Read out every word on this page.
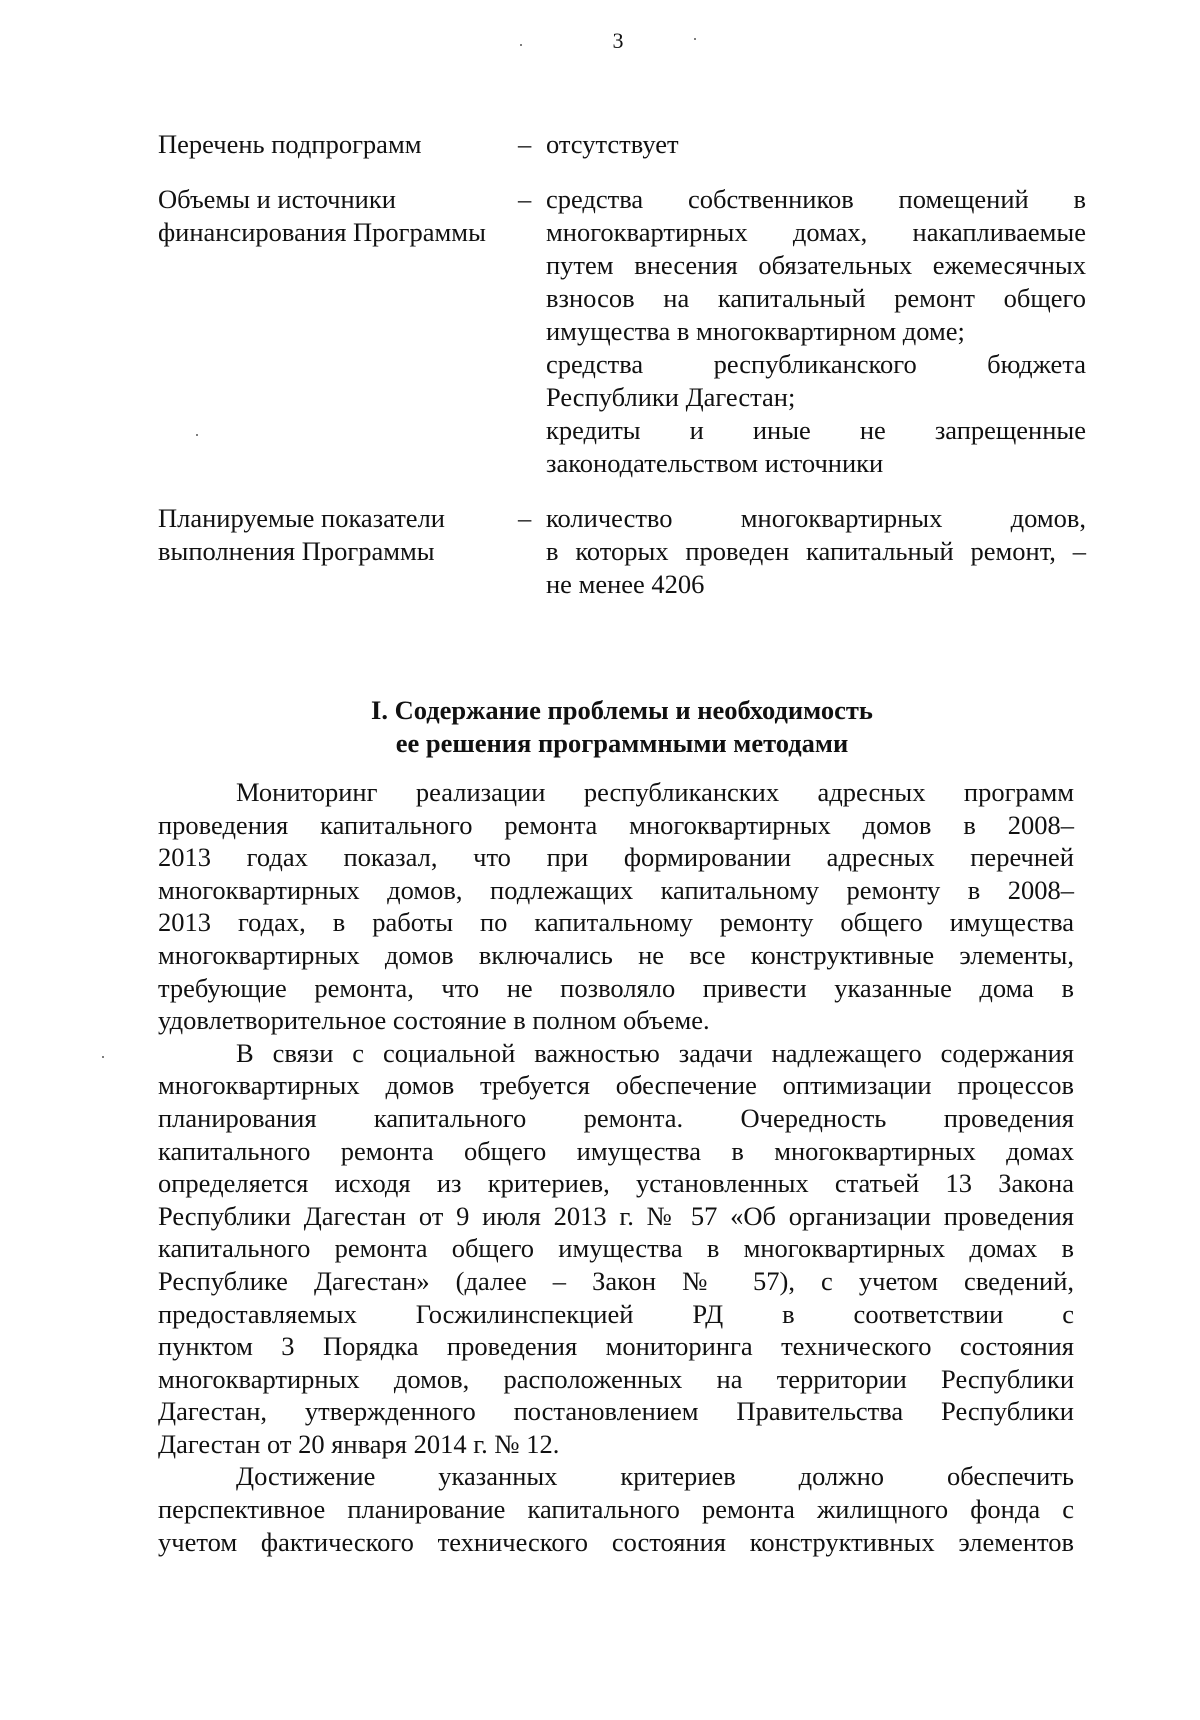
3
Перечень подпрограмм	– отсутствует
Объемы и источники
финансирования Программы
– средства собственников помещений в
многоквартирных домах, накапливаемые
путем внесения обязательных ежемесячных
взносов на капитальный ремонт общего
имущества в многоквартирном доме;
средства республиканского бюджета
Республики Дагестан;
кредиты и иные не запрещенные
законодательством источники
Планируемые показатели
выполнения Программы
– количество многоквартирных домов,
в которых проведен капитальный ремонт, –
не менее 4206
I. Содержание проблемы и необходимость
ее решения программными методами
Мониторинг реализации республиканских адресных программ
проведения капитального ремонта многоквартирных домов в 2008–
2013 годах показал, что при формировании адресных перечней
многоквартирных домов, подлежащих капитальному ремонту в 2008–
2013 годах, в работы по капитальному ремонту общего имущества
многоквартирных домов включались не все конструктивные элементы,
требующие ремонта, что не позволяло привести указанные дома в
удовлетворительное состояние в полном объеме.
В связи с социальной важностью задачи надлежащего содержания
многоквартирных домов требуется обеспечение оптимизации процессов
планирования капитального ремонта. Очередность проведения
капитального ремонта общего имущества в многоквартирных домах
определяется исходя из критериев, установленных статьей 13 Закона
Республики Дагестан от 9 июля 2013 г. № 57 «Об организации проведения
капитального ремонта общего имущества в многоквартирных домах в
Республике Дагестан» (далее – Закон № 57), с учетом сведений,
предоставляемых Госжилинспекцией РД в соответствии с
пунктом 3 Порядка проведения мониторинга технического состояния
многоквартирных домов, расположенных на территории Республики
Дагестан, утвержденного постановлением Правительства Республики
Дагестан от 20 января 2014 г. № 12.
Достижение указанных критериев должно обеспечить
перспективное планирование капитального ремонта жилищного фонда с
учетом фактического технического состояния конструктивных элементов
